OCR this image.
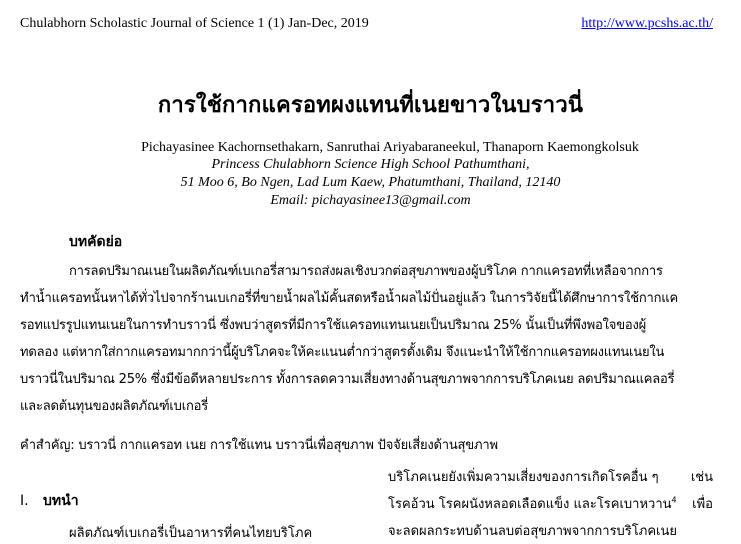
Chulabhorn Scholastic Journal of Science 1 (1) Jan-Dec, 2019	http://www.pcshs.ac.th/
การใช้กากแครอทผงแทนที่เนยขาวในบราวนี่
Pichayasinee Kachornsethakarn, Sanruthai Ariyabaraneekul, Thanaporn Kaemongkolsuk
Princess Chulabhorn Science High School Pathumthani,
51 Moo 6, Bo Ngen, Lad Lum Kaew, Phatumthani, Thailand, 12140
Email: pichayasinee13@gmail.com
บทคัดย่อ
การลดปริมาณเนยในผลิตภัณฑ์เบเกอรี่สามารถส่งผลเชิงบวกต่อสุขภาพของผู้บริโภค กากแครอทที่เหลือจากการ
ทำน้ำแครอทนั้นหาได้ทั่วไปจากร้านเบเกอรี่ที่ขายน้ำผลไม้คั้นสดหรือน้ำผลไม้ปั่นอยู่แล้ว ในการวิจัยนี้ได้ศึกษาการใช้กากแค
รอทแปรรูปแทนเนยในการทำบราวนี่ ซึ่งพบว่าสูตรที่มีการใช้แครอทแทนเนยเป็นปริมาณ 25% นั้นเป็นที่พึงพอใจของผู้
ทดลอง แต่หากใส่กากแครอทมากกว่านี้ผู้บริโภคจะให้คะแนนต่ำกว่าสูตรดั้งเดิม จึงแนะนำให้ใช้กากแครอทผงแทนเนยใน
บราวนี่ในปริมาณ 25% ซึ่งมีข้อดีหลายประการ ทั้งการลดความเสี่ยงทางด้านสุขภาพจากการบริโภคเนย ลดปริมาณแคลอรี่
และลดต้นทุนของผลิตภัณฑ์เบเกอรี่
คำสำคัญ: บราวนี่ กากแครอท เนย การใช้แทน บราวนี่เพื่อสุขภาพ ปัจจัยเสี่ยงด้านสุขภาพ
I. บทนำ
ผลิตภัณฑ์เบเกอรี่เป็นอาหารที่คนไทยบริโภค
บริโภคเนยยังเพิ่มความเสี่ยงของการเกิดโรคอื่น ๆ เช่น
โรคอ้วน โรคผนังหลอดเลือดแข็ง และโรคเบาหวาน$^4$ เพื่อ
จะลดผลกระทบด้านลบต่อสุขภาพจากการบริโภคเนย
